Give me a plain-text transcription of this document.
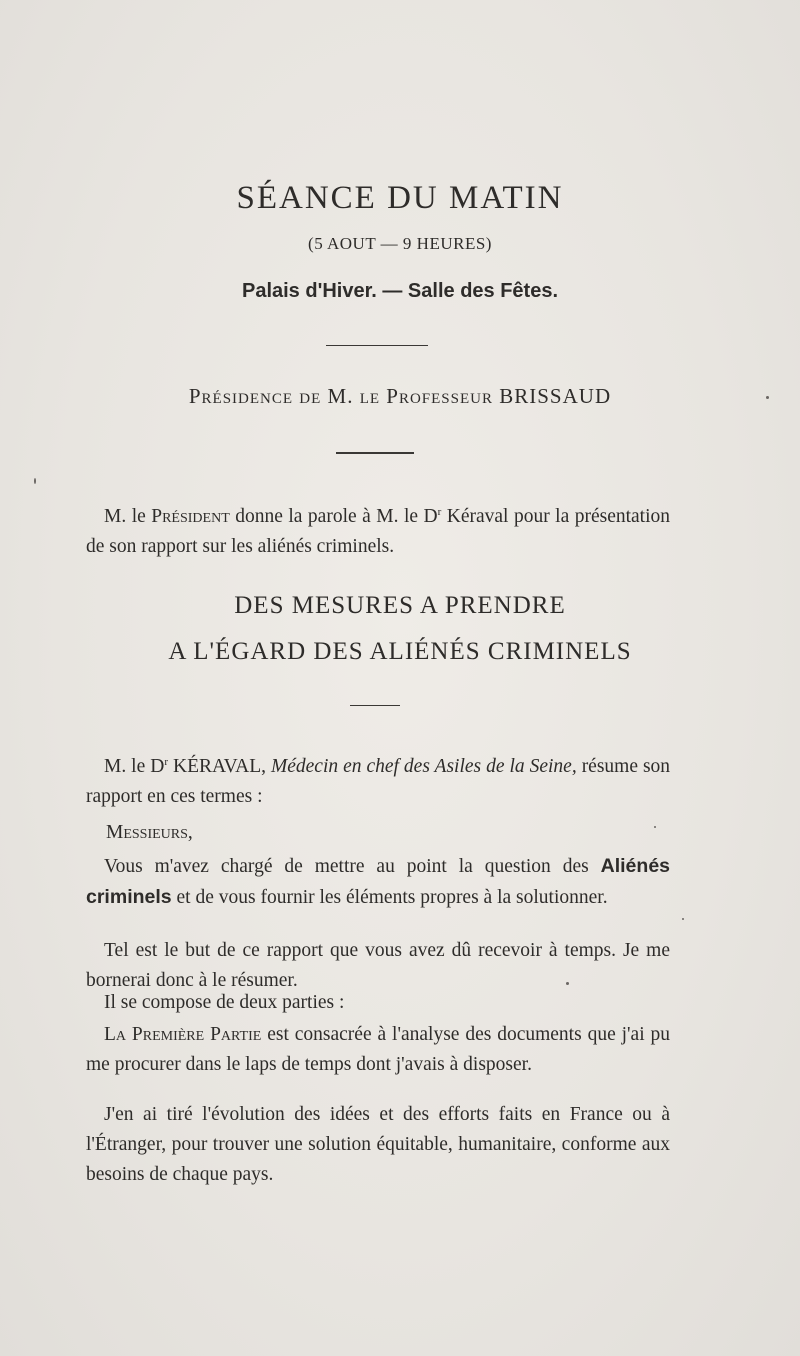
SÉANCE DU MATIN
(5 AOUT — 9 HEURES)
Palais d'Hiver. — Salle des Fêtes.
Présidence de M. le Professeur BRISSAUD
M. le Président donne la parole à M. le $D^r$ Kéraval pour la présentation de son rapport sur les aliénés criminels.
DES MESURES A PRENDRE
A L'ÉGARD DES ALIÉNÉS CRIMINELS
M. le $D^r$ KÉRAVAL, Médecin en chef des Asiles de la Seine, résume son rapport en ces termes :
Messieurs,
Vous m'avez chargé de mettre au point la question des Aliénés criminels et de vous fournir les éléments propres à la solutionner.
Tel est le but de ce rapport que vous avez dû recevoir à temps. Je me bornerai donc à le résumer.
Il se compose de deux parties :
La Première Partie est consacrée à l'analyse des documents que j'ai pu me procurer dans le laps de temps dont j'avais à disposer.
J'en ai tiré l'évolution des idées et des efforts faits en France ou à l'Étranger, pour trouver une solution équitable, humanitaire, conforme aux besoins de chaque pays.
